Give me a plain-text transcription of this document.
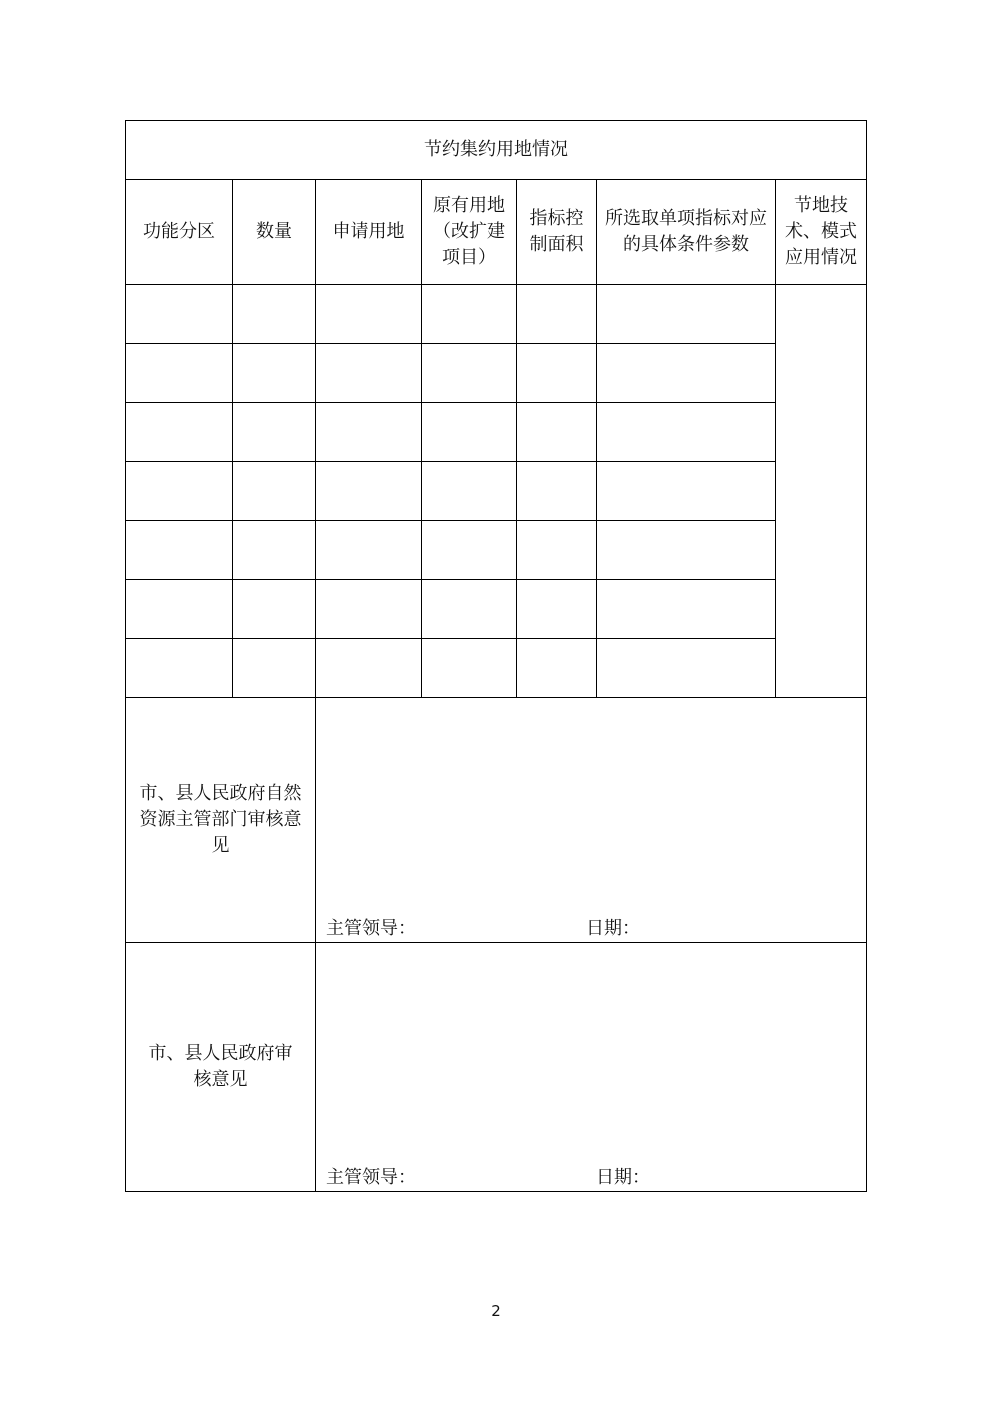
节约集约用地情况						
功能分区	数量	申请用地	原有用地（改扩建项目）	指标控制面积	所选取单项指标对应的具体条件参数	节地技术、模式应用情况

市、县人民政府自然资源主管部门审核意见		主管领导： 日期：				

市、县人民政府审核意见		主管领导： 日期：				
2
